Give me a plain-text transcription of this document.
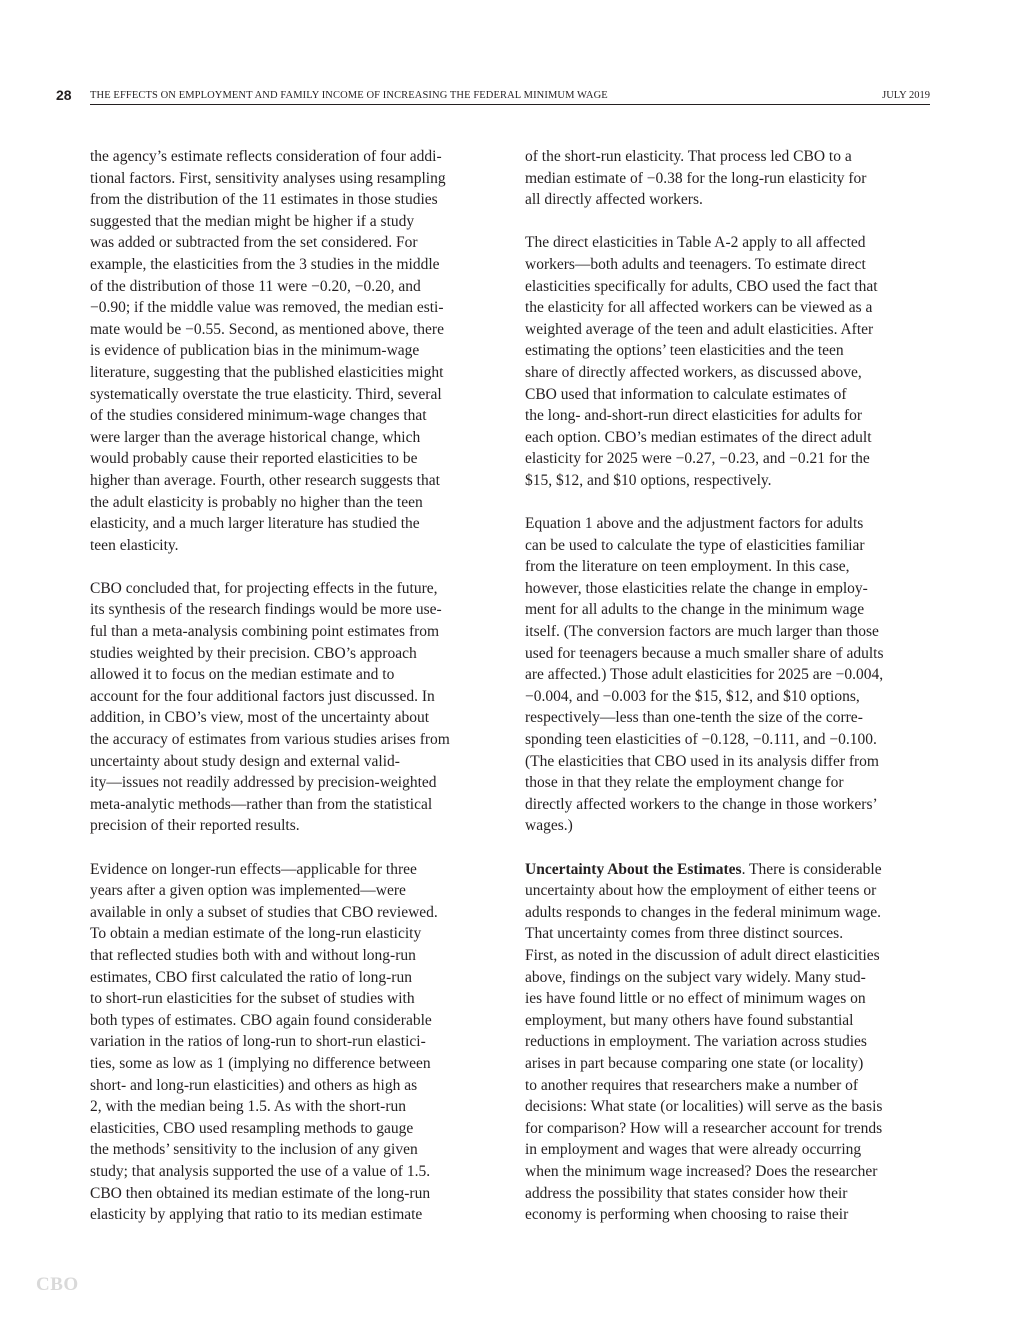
28 THE EFFECTS ON EMPLOYMENT AND FAMILY INCOME OF INCREASING THE FEDERAL MINIMUM WAGE	JULY 2019

the agency’s estimate reflects consideration of four addi-
tional factors. First, sensitivity analyses using resampling
from the distribution of the 11 estimates in those studies
suggested that the median might be higher if a study
was added or subtracted from the set considered. For
example, the elasticities from the 3 studies in the middle
of the distribution of those 11 were −0.20, −0.20, and
−0.90; if the middle value was removed, the median esti-
mate would be −0.55. Second, as mentioned above, there
is evidence of publication bias in the minimum-wage
literature, suggesting that the published elasticities might
systematically overstate the true elasticity. Third, several
of the studies considered minimum-wage changes that
were larger than the average historical change, which
would probably cause their reported elasticities to be
higher than average. Fourth, other research suggests that
the adult elasticity is probably no higher than the teen
elasticity, and a much larger literature has studied the
teen elasticity.

CBO concluded that, for projecting effects in the future,
its synthesis of the research findings would be more use-
ful than a meta-analysis combining point estimates from
studies weighted by their precision. CBO’s approach
allowed it to focus on the median estimate and to
account for the four additional factors just discussed. In
addition, in CBO’s view, most of the uncertainty about
the accuracy of estimates from various studies arises from
uncertainty about study design and external valid-
ity—issues not readily addressed by precision-weighted
meta-analytic methods—rather than from the statistical
precision of their reported results.

Evidence on longer-run effects—applicable for three
years after a given option was implemented—were
available in only a subset of studies that CBO reviewed.
To obtain a median estimate of the long-run elasticity
that reflected studies both with and without long-run
estimates, CBO first calculated the ratio of long-run
to short-run elasticities for the subset of studies with
both types of estimates. CBO again found considerable
variation in the ratios of long-run to short-run elastici-
ties, some as low as 1 (implying no difference between
short- and long-run elasticities) and others as high as
2, with the median being 1.5. As with the short-run
elasticities, CBO used resampling methods to gauge
the methods’ sensitivity to the inclusion of any given
study; that analysis supported the use of a value of 1.5.
CBO then obtained its median estimate of the long-run
elasticity by applying that ratio to its median estimate

of the short-run elasticity. That process led CBO to a
median estimate of −0.38 for the long-run elasticity for
all directly affected workers.

The direct elasticities in Table A-2 apply to all affected
workers—both adults and teenagers. To estimate direct
elasticities specifically for adults, CBO used the fact that
the elasticity for all affected workers can be viewed as a
weighted average of the teen and adult elasticities. After
estimating the options’ teen elasticities and the teen
share of directly affected workers, as discussed above,
CBO used that information to calculate estimates of
the long- and-short-run direct elasticities for adults for
each option. CBO’s median estimates of the direct adult
elasticity for 2025 were −0.27, −0.23, and −0.21 for the
$15, $12, and $10 options, respectively.

Equation 1 above and the adjustment factors for adults
can be used to calculate the type of elasticities familiar
from the literature on teen employment. In this case,
however, those elasticities relate the change in employ-
ment for all adults to the change in the minimum wage
itself. (The conversion factors are much larger than those
used for teenagers because a much smaller share of adults
are affected.) Those adult elasticities for 2025 are −0.004,
−0.004, and −0.003 for the $15, $12, and $10 options,
respectively—less than one-tenth the size of the corre-
sponding teen elasticities of −0.128, −0.111, and −0.100.
(The elasticities that CBO used in its analysis differ from
those in that they relate the employment change for
directly affected workers to the change in those workers’
wages.)

Uncertainty About the Estimates. There is considerable
uncertainty about how the employment of either teens or
adults responds to changes in the federal minimum wage.
That uncertainty comes from three distinct sources.
First, as noted in the discussion of adult direct elasticities
above, findings on the subject vary widely. Many stud-
ies have found little or no effect of minimum wages on
employment, but many others have found substantial
reductions in employment. The variation across studies
arises in part because comparing one state (or locality)
to another requires that researchers make a number of
decisions: What state (or localities) will serve as the basis
for comparison? How will a researcher account for trends
in employment and wages that were already occurring
when the minimum wage increased? Does the researcher
address the possibility that states consider how their
economy is performing when choosing to raise their

CBO
